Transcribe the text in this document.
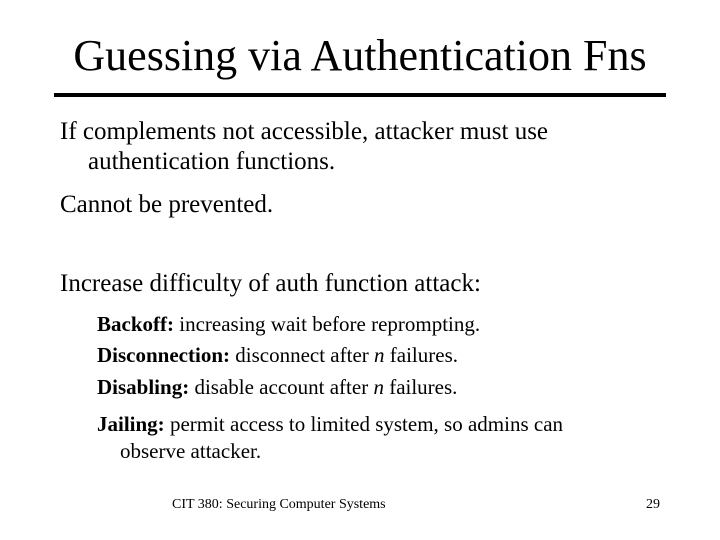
Guessing via Authentication Fns
If complements not accessible, attacker must use
authentication functions.
Cannot be prevented.
Increase difficulty of auth function attack:
Backoff: increasing wait before reprompting.
Disconnection: disconnect after n failures.
Disabling: disable account after n failures.
Jailing: permit access to limited system, so admins can
observe attacker.
CIT 380: Securing Computer Systems	29
